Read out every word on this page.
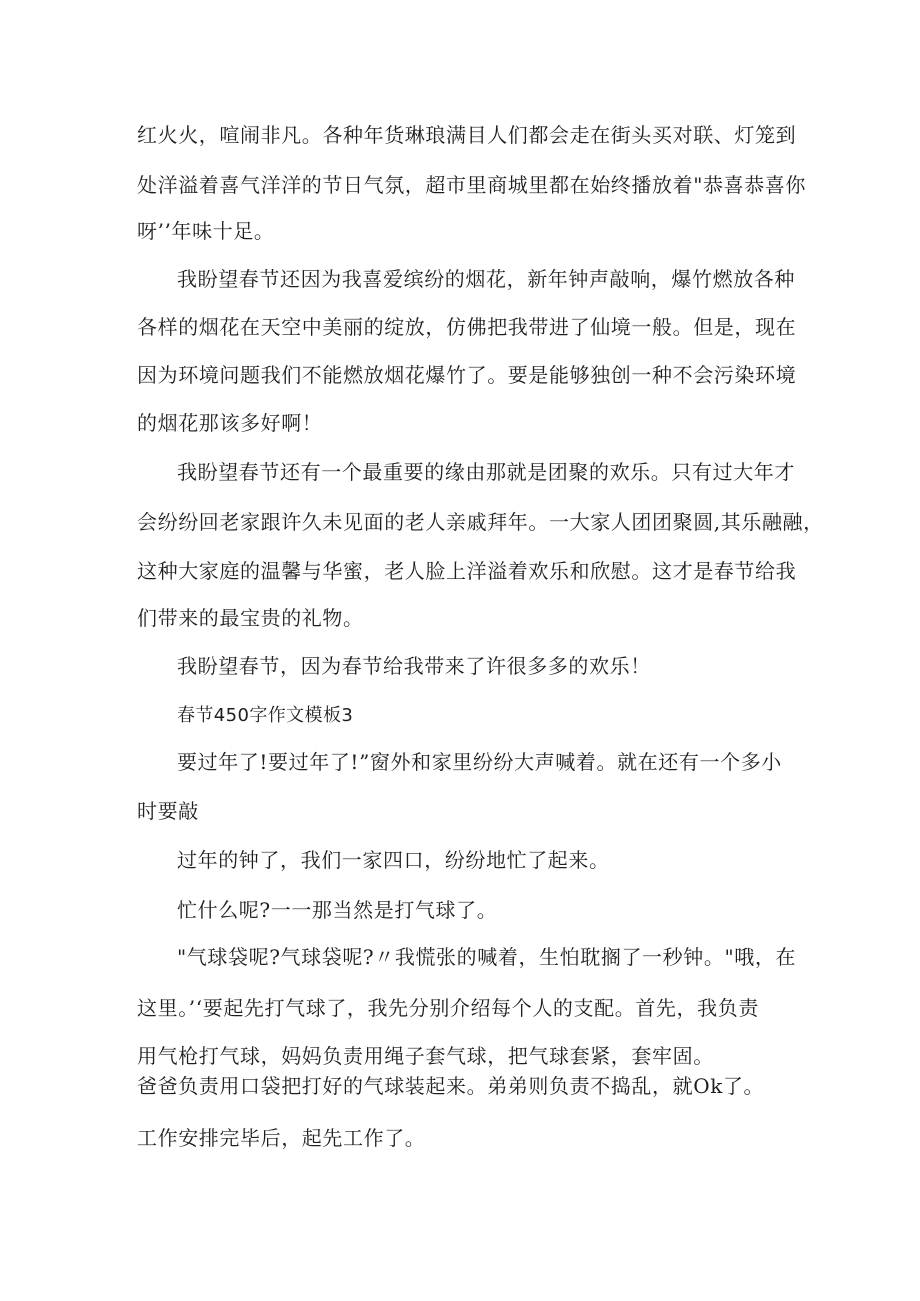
红火火，喧闹非凡。各种年货琳琅满目人们都会走在街头买对联、灯笼到
处洋溢着喜气洋洋的节日气氛，超市里商城里都在始终播放着"恭喜恭喜你
呀’’年味十足。
我盼望春节还因为我喜爱缤纷的烟花，新年钟声敲响，爆竹燃放各种
各样的烟花在天空中美丽的绽放，仿佛把我带进了仙境一般。但是，现在
因为环境问题我们不能燃放烟花爆竹了。要是能够独创一种不会污染环境
的烟花那该多好啊！
我盼望春节还有一个最重要的缘由那就是团聚的欢乐。只有过大年才
会纷纷回老家跟许久未见面的老人亲戚拜年。一大家人团团聚圆,其乐融融，
这种大家庭的温馨与华蜜，老人脸上洋溢着欢乐和欣慰。这才是春节给我
们带来的最宝贵的礼物。
我盼望春节，因为春节给我带来了许很多多的欢乐！
春节450字作文模板3
要过年了!要过年了!”窗外和家里纷纷大声喊着。就在还有一个多小
时要敲
过年的钟了，我们一家四口，纷纷地忙了起来。
忙什么呢?一一那当然是打气球了。
"气球袋呢?气球袋呢?〃我慌张的喊着，生怕耽搁了一秒钟。"哦，在
这里。’‘要起先打气球了，我先分别介绍每个人的支配。首先，我负责
用气枪打气球，妈妈负责用绳子套气球，把气球套紧，套牢固。
爸爸负责用口袋把打好的气球装起来。弟弟则负责不捣乱，就Ok了。
工作安排完毕后，起先工作了。
